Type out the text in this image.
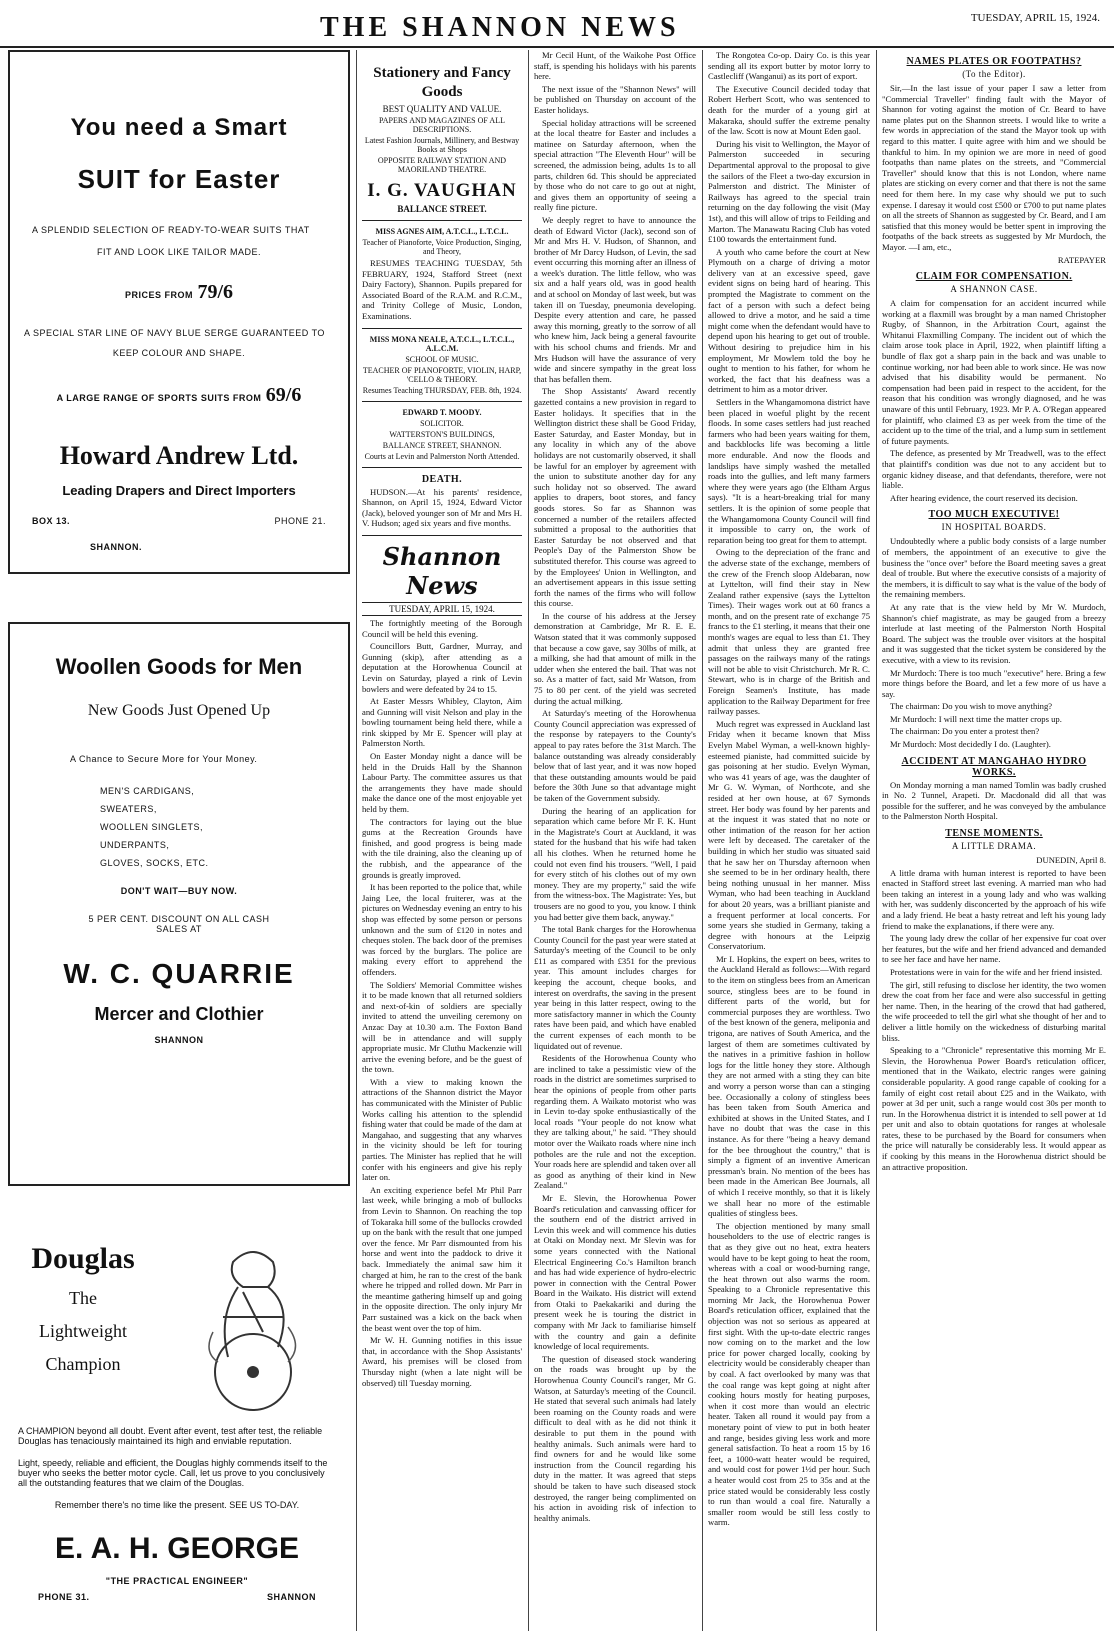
THE SHANNON NEWS	TUESDAY, APRIL 15, 1924.
You need a Smart
SUIT for Easter
A SPLENDID SELECTION OF READY-TO-WEAR SUITS THAT
FIT AND LOOK LIKE TAILOR MADE.
PRICES FROM 79/6
A SPECIAL STAR LINE OF NAVY BLUE SERGE GUARANTEED TO
KEEP COLOUR AND SHAPE.
A LARGE RANGE OF SPORTS SUITS FROM 69/6
Howard Andrew Ltd.
Leading Drapers and Direct Importers
BOX 13.	PHONE 21.
SHANNON.
Woollen Goods for Men
New Goods Just Opened Up
A Chance to Secure More for Your Money.
MEN'S CARDIGANS,
SWEATERS,
WOOLLEN SINGLETS,
UNDERPANTS,
GLOVES, SOCKS, ETC.
DON'T WAIT—BUY NOW.
5 PER CENT. DISCOUNT ON ALL CASH SALES AT
W. C. QUARRIE
Mercer and Clothier
SHANNON
Douglas
The
Lightweight
Champion
A CHAMPION beyond all doubt. Event after event, test after test, the reliable Douglas has tenaciously maintained its high and enviable reputation.
Light, speedy, reliable and efficient, the Douglas highly commends itself to the buyer who seeks the better motor cycle. Call, let us prove to you conclusively all the outstanding features that we claim of the Douglas.
Remember there's no time like the present. SEE US TO-DAY.
E. A. H. GEORGE
"THE PRACTICAL ENGINEER"
PHONE 31.	SHANNON
Stationery and Fancy Goods
BEST QUALITY AND VALUE.
PAPERS AND MAGAZINES OF ALL DESCRIPTIONS.
Latest Fashion Journals, Millinery, and Bestway Books at Shops
OPPOSITE RAILWAY STATION AND MAORILAND THEATRE.
I. G. VAUGHAN
BALLANCE STREET.
MISS AGNES AIM, A.T.C.L., L.T.C.L.
Teacher of Pianoforte, Voice Production, Singing, and Theory,
RESUMES TEACHING TUESDAY, 5th FEBRUARY, 1924, Stafford Street (next Dairy Factory), Shannon. Pupils prepared for Associated Board of the R.A.M. and R.C.M., and Trinity College of Music, London, Examinations.
MISS MONA NEALE, A.T.C.L., L.T.C.L., A.L.C.M.
SCHOOL OF MUSIC.
TEACHER OF PIANOFORTE, VIOLIN, HARP, 'CELLO & THEORY.
Resumes Teaching THURSDAY, FEB. 8th, 1924.
EDWARD T. MOODY.
SOLICITOR.
WATTERSTON'S BUILDINGS,
BALLANCE STREET, SHANNON.
Courts at Levin and Palmerston North Attended.
DEATH.
HUDSON.—At his parents' residence, Shannon, on April 15, 1924, Edward Victor (Jack), beloved younger son of Mr and Mrs H. V. Hudson; aged six years and five months.
Shannon News
TUESDAY, APRIL 15, 1924.
The fortnightly meeting of the Borough Council will be held this evening.
Councillors Butt, Gardner, Murray, and Gunning (skip), after attending as a deputation at the Horowhenua Council at Levin on Saturday, played a rink of Levin bowlers and were defeated by 24 to 15.
At Easter Messrs Whibley, Clayton, Aim and Gunning will visit Nelson and play in the bowling tournament being held there, while a rink skipped by Mr E. Spencer will play at Palmerston North.
On Easter Monday night a dance will be held in the Druids Hall by the Shannon Labour Party. The committee assures us that the arrangements they have made should make the dance one of the most enjoyable yet held by them.
The contractors for laying out the blue gums at the Recreation Grounds have finished, and good progress is being made with the tile draining, also the cleaning up of the rubbish, and the appearance of the grounds is greatly improved.
It has been reported to the police that, while Jaing Lee, the local fruiterer, was at the pictures on Wednesday evening an entry to his shop was effected by some person or persons unknown and the sum of £120 in notes and cheques stolen. The back door of the premises was forced by the burglars. The police are making every effort to apprehend the offenders.
The Soldiers' Memorial Committee wishes it to be made known that all returned soldiers and next-of-kin of soldiers are specially invited to attend the unveiling ceremony on Anzac Day at 10.30 a.m. The Foxton Band will be in attendance and will supply appropriate music. Mr Cluthu Mackenzie will arrive the evening before, and be the guest of the town.
With a view to making known the attractions of the Shannon district the Mayor has communicated with the Minister of Public Works calling his attention to the splendid fishing water that could be made of the dam at Mangahao, and suggesting that any wharves in the vicinity should be left for touring parties. The Minister has replied that he will confer with his engineers and give his reply later on.
An exciting experience befel Mr Phil Parr last week, while bringing a mob of bullocks from Levin to Shannon. On reaching the top of Tokaraka hill some of the bullocks crowded up on the bank with the result that one jumped over the fence. Mr Parr dismounted from his horse and went into the paddock to drive it back. Immediately the animal saw him it charged at him, he ran to the crest of the bank where he tripped and rolled down. Mr Parr in the meantime gathering himself up and going in the opposite direction. The only injury Mr Parr sustained was a kick on the back when the beast went over the top of him.
Mr W. H. Gunning notifies in this issue that, in accordance with the Shop Assistants' Award, his premises will be closed from Thursday night (when a late night will be observed) till Tuesday morning.
Mr Cecil Hunt, of the Waikohe Post Office staff, is spending his holidays with his parents here.
The next issue of the "Shannon News" will be published on Thursday on account of the Easter holidays.
Special holiday attractions will be screened at the local theatre for Easter and includes a matinee on Saturday afternoon, when the special attraction "The Eleventh Hour" will be screened, the admission being, adults 1s to all parts, children 6d. This should be appreciated by those who do not care to go out at night, and gives them an opportunity of seeing a really fine picture.
We deeply regret to have to announce the death of Edward Victor (Jack), second son of Mr and Mrs H. V. Hudson, of Shannon, and brother of Mr Darcy Hudson, of Levin, the sad event occurring this morning after an illness of a week's duration. The little fellow, who was six and a half years old, was in good health and at school on Monday of last week, but was taken ill on Tuesday, pneumonia developing. Despite every attention and care, he passed away this morning, greatly to the sorrow of all who knew him, Jack being a general favourite with his school chums and friends. Mr and Mrs Hudson will have the assurance of very wide and sincere sympathy in the great loss that has befallen them.
The Shop Assistants' Award recently gazetted contains a new provision in regard to Easter holidays. It specifies that in the Wellington district these shall be Good Friday, Easter Saturday, and Easter Monday, but in any locality in which any of the above holidays are not customarily observed, it shall be lawful for an employer by agreement with the union to substitute another day for any such holiday not so observed. The award applies to drapers, boot stores, and fancy goods stores. So far as Shannon was concerned a number of the retailers affected submitted a proposal to the authorities that Easter Saturday be not observed and that People's Day of the Palmerston Show be substituted therefor. This course was agreed to by the Employees' Union in Wellington, and an advertisement appears in this issue setting forth the names of the firms who will follow this course.
In the course of his address at the Jersey demonstration at Cambridge, Mr R. E. E. Watson stated that it was commonly supposed that because a cow gave, say 30lbs of milk, at a milking, she had that amount of milk in the udder when she entered the bail. That was not so. As a matter of fact, said Mr Watson, from 75 to 80 per cent. of the yield was secreted during the actual milking.
At Saturday's meeting of the Horowhenua County Council appreciation was expressed of the response by ratepayers to the County's appeal to pay rates before the 31st March. The balance outstanding was already considerably below that of last year, and it was now hoped that these outstanding amounts would be paid before the 30th June so that advantage might be taken of the Government subsidy.
During the hearing of an application for separation which came before Mr F. K. Hunt in the Magistrate's Court at Auckland, it was stated for the husband that his wife had taken all his clothes. When he returned home he could not even find his trousers. "Well, I paid for every stitch of his clothes out of my own money. They are my property," said the wife from the witness-box. The Magistrate: Yes, but trousers are no good to you, you know. I think you had better give them back, anyway."
The total Bank charges for the Horowhenua County Council for the past year were stated at Saturday's meeting of the Council to be only £11 as compared with £351 for the previous year. This amount includes charges for keeping the account, cheque books, and interest on overdrafts, the saving in the present year being in this latter respect, owing to the more satisfactory manner in which the County rates have been paid, and which have enabled the current expenses of each month to be liquidated out of revenue.
Residents of the Horowhenua County who are inclined to take a pessimistic view of the roads in the district are sometimes surprised to hear the opinions of people from other parts regarding them. A Waikato motorist who was in Levin to-day spoke enthusiastically of the local roads "Your people do not know what they are talking about," he said. "They should motor over the Waikato roads where nine inch potholes are the rule and not the exception. Your roads here are splendid and taken over all as good as anything of their kind in New Zealand."
Mr E. Slevin, the Horowhenua Power Board's reticulation and canvassing officer for the southern end of the district arrived in Levin this week and will commence his duties at Otaki on Monday next. Mr Slevin was for some years connected with the National Electrical Engineering Co.'s Hamilton branch and has had wide experience of hydro-electric power in connection with the Central Power Board in the Waikato. His district will extend from Otaki to Paekakariki and during the present week he is touring the district in company with Mr Jack to familiarise himself with the country and gain a definite knowledge of local requirements.
The question of diseased stock wandering on the roads was brought up by the Horowhenua County Council's ranger, Mr G. Watson, at Saturday's meeting of the Council. He stated that several such animals had lately been roaming on the County roads and were difficult to deal with as he did not think it desirable to put them in the pound with healthy animals. Such animals were hard to find owners for and he would like some instruction from the Council regarding his duty in the matter. It was agreed that steps should be taken to have such diseased stock destroyed, the ranger being complimented on his action in avoiding risk of infection to healthy animals.
The Rongotea Co-op. Dairy Co. is this year sending all its export butter by motor lorry to Castlecliff (Wanganui) as its port of export.
The Executive Council decided today that Robert Herbert Scott, who was sentenced to death for the murder of a young girl at Makaraka, should suffer the extreme penalty of the law. Scott is now at Mount Eden gaol.
During his visit to Wellington, the Mayor of Palmerston succeeded in securing Departmental approval to the proposal to give the sailors of the Fleet a two-day excursion in Palmerston and district. The Minister of Railways has agreed to the special train returning on the day following the visit (May 1st), and this will allow of trips to Feilding and Marton. The Manawatu Racing Club has voted £100 towards the entertainment fund.
A youth who came before the court at New Plymouth on a charge of driving a motor delivery van at an excessive speed, gave evident signs on being hard of hearing. This prompted the Magistrate to comment on the fact of a person with such a defect being allowed to drive a motor, and he said a time might come when the defendant would have to depend upon his hearing to get out of trouble. Without desiring to prejudice him in his employment, Mr Mowlem told the boy he ought to mention to his father, for whom he worked, the fact that his deafness was a detriment to him as a motor driver.
Settlers in the Whangamomona district have been placed in woeful plight by the recent floods. In some cases settlers had just reached farmers who had been years waiting for them, and backblocks life was becoming a little more endurable. And now the floods and landslips have simply washed the metalled roads into the gullies, and left many farmers where they were years ago (the Eltham Argus says). "It is a heart-breaking trial for many settlers. It is the opinion of some people that the Whangamomona County Council will find it impossible to carry on, the work of reparation being too great for them to attempt.
Owing to the depreciation of the franc and the adverse state of the exchange, members of the crew of the French sloop Aldebaran, now at Lyttelton, will find their stay in New Zealand rather expensive (says the Lyttelton Times). Their wages work out at 60 francs a month, and on the present rate of exchange 75 francs to the £1 sterling, it means that their one month's wages are equal to less than £1. They admit that unless they are granted free passages on the railways many of the ratings will not be able to visit Christchurch. Mr R. C. Stewart, who is in charge of the British and Foreign Seamen's Institute, has made application to the Railway Department for free railway passes.
Much regret was expressed in Auckland last Friday when it became known that Miss Evelyn Mabel Wyman, a well-known highly-esteemed pianiste, had committed suicide by gas poisoning at her studio. Evelyn Wyman, who was 41 years of age, was the daughter of Mr G. W. Wyman, of Northcote, and she resided at her own house, at 67 Symonds street. Her body was found by her parents and at the inquest it was stated that no note or other intimation of the reason for her action were left by deceased. The caretaker of the building in which her studio was situated said that he saw her on Thursday afternoon when she seemed to be in her ordinary health, there being nothing unusual in her manner. Miss Wyman, who had been teaching in Auckland for about 20 years, was a brilliant pianiste and a frequent performer at local concerts. For some years she studied in Germany, taking a degree with honours at the Leipzig Conservatorium.
Mr I. Hopkins, the expert on bees, writes to the Auckland Herald as follows:—With regard to the item on stingless bees from an American source, stingless bees are to be found in different parts of the world, but for commercial purposes they are worthless. Two of the best known of the genera, meliponia and trigona, are natives of South America, and the largest of them are sometimes cultivated by the natives in a primitive fashion in hollow logs for the little honey they store. Although they are not armed with a sting they can bite and worry a person worse than can a stinging bee. Occasionally a colony of stingless bees has been taken from South America and exhibited at shows in the United States, and I have no doubt that was the case in this instance. As for there "being a heavy demand for the bee throughout the country," that is simply a figment of an inventive American pressman's brain. No mention of the bees has been made in the American Bee Journals, all of which I receive monthly, so that it is likely we shall hear no more of the estimable qualities of stingless bees.
The objection mentioned by many small householders to the use of electric ranges is that as they give out no heat, extra heaters would have to be kept going to heat the room, whereas with a coal or wood-burning range, the heat thrown out also warms the room. Speaking to a Chronicle representative this morning Mr Jack, the Horowhenua Power Board's reticulation officer, explained that the objection was not so serious as appeared at first sight. With the up-to-date electric ranges now coming on to the market and the low price for power charged locally, cooking by electricity would be considerably cheaper than by coal. A fact overlooked by many was that the coal range was kept going at night after cooking hours mostly for heating purposes, when it cost more than would an electric heater. Taken all round it would pay from a monetary point of view to put in both heater and range, besides giving less work and more general satisfaction. To heat a room 15 by 16 feet, a 1000-watt heater would be required, and would cost for power 1½d per hour. Such a heater would cost from 25 to 35s and at the price stated would be considerably less costly to run than would a coal fire. Naturally a smaller room would be still less costly to warm.
NAMES PLATES OR FOOTPATHS?
(To the Editor).
Sir,—In the last issue of your paper I saw a letter from "Commercial Traveller" finding fault with the Mayor of Shannon for voting against the motion of Cr. Beard to have name plates put on the Shannon streets. I would like to write a few words in appreciation of the stand the Mayor took up with regard to this matter. I quite agree with him and we should be thankful to him. In my opinion we are more in need of good footpaths than name plates on the streets, and "Commercial Traveller" should know that this is not London, where name plates are sticking on every corner and that there is not the same need for them here. In my case why should we put to such expense. I daresay it would cost £500 or £700 to put name plates on all the streets of Shannon as suggested by Cr. Beard, and I am satisfied that this money would be better spent in improving the footpaths of the back streets as suggested by Mr Murdoch, the Mayor. —I am, etc.,
RATEPAYER
CLAIM FOR COMPENSATION.
A SHANNON CASE.
A claim for compensation for an accident incurred while working at a flaxmill was brought by a man named Christopher Rugby, of Shannon, in the Arbitration Court, against the Whitanui Flaxmilling Company. The incident out of which the claim arose took place in April, 1922, when plaintiff lifting a bundle of flax got a sharp pain in the back and was unable to continue working, nor had been able to work since. He was now advised that his disability would be permanent. No compensation had been paid in respect to the accident, for the reason that his condition was wrongly diagnosed, and he was unaware of this until February, 1923. Mr P. A. O'Regan appeared for plaintiff, who claimed £3 as per week from the time of the accident up to the time of the trial, and a lump sum in settlement of future payments.
The defence, as presented by Mr Treadwell, was to the effect that plaintiff's condition was due not to any accident but to organic kidney disease, and that defendants, therefore, were not liable.
After hearing evidence, the court reserved its decision.
TOO MUCH EXECUTIVE!
IN HOSPITAL BOARDS.
Undoubtedly where a public body consists of a large number of members, the appointment of an executive to give the business the "once over" before the Board meeting saves a great deal of trouble. But where the executive consists of a majority of the members, it is difficult to say what is the value of the body of the remaining members.
At any rate that is the view held by Mr W. Murdoch, Shannon's chief magistrate, as may be gauged from a breezy interlude at last meeting of the Palmerston North Hospital Board. The subject was the trouble over visitors at the hospital and it was suggested that the ticket system be considered by the executive, with a view to its revision.
Mr Murdoch: There is too much "executive" here. Bring a few more things before the Board, and let a few more of us have a say.
The chairman: Do you wish to move anything?
Mr Murdoch: I will next time the matter crops up.
The chairman: Do you enter a protest then?
Mr Murdoch: Most decidedly I do. (Laughter).
ACCIDENT AT MANGAHAO HYDRO WORKS.
On Monday morning a man named Tomlin was badly crushed in No. 2 Tunnel, Arapeti. Dr. Macdonald did all that was possible for the sufferer, and he was conveyed by the ambulance to the Palmerston North Hospital.
TENSE MOMENTS.
A LITTLE DRAMA.
DUNEDIN, April 8.
A little drama with human interest is reported to have been enacted in Stafford street last evening. A married man who had been taking an interest in a young lady and who was walking with her, was suddenly disconcerted by the approach of his wife and a lady friend. He beat a hasty retreat and left his young lady friend to make the explanations, if there were any.
The young lady drew the collar of her expensive fur coat over her features, but the wife and her friend advanced and demanded to see her face and have her name.
Protestations were in vain for the wife and her friend insisted.
The girl, still refusing to disclose her identity, the two women drew the coat from her face and were also successful in getting her name. Then, in the hearing of the crowd that had gathered, the wife proceeded to tell the girl what she thought of her and to deliver a little homily on the wickedness of disturbing marital bliss.
Speaking to a "Chronicle" representative this morning Mr E. Slevin, the Horowhenua Power Board's reticulation officer, mentioned that in the Waikato, electric ranges were gaining considerable popularity. A good range capable of cooking for a family of eight cost retail about £25 and in the Waikato, with power at 3d per unit, such a range would cost 30s per month to run. In the Horowhenua district it is intended to sell power at 1d per unit and also to obtain quotations for ranges at wholesale rates, these to be purchased by the Board for consumers when the price will naturally be considerably less. It would appear as if cooking by this means in the Horowhenua district should be an attractive proposition.
